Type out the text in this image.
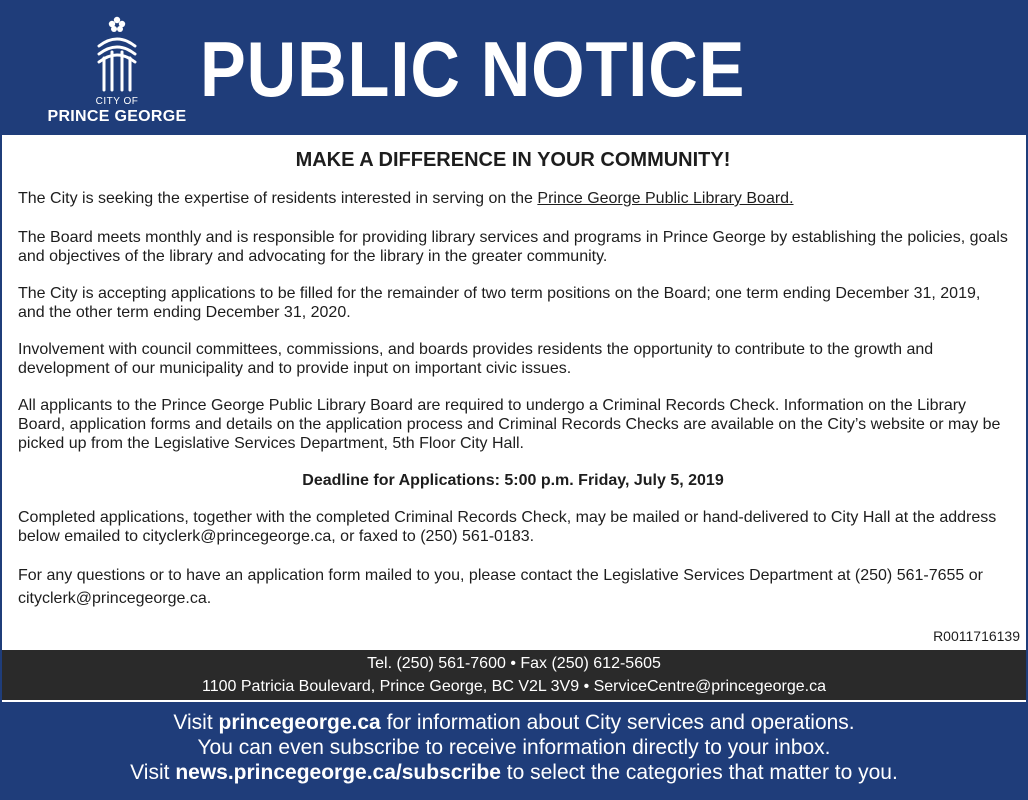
CITY OF
PRINCE GEORGE
PUBLIC NOTICE
MAKE A DIFFERENCE IN YOUR COMMUNITY!

The City is seeking the expertise of residents interested in serving on the Prince George Public Library Board.

The Board meets monthly and is responsible for providing library services and programs in Prince George by establishing the policies, goals and objectives of the library and advocating for the library in the greater community.

The City is accepting applications to be filled for the remainder of two term positions on the Board; one term ending December 31, 2019, and the other term ending December 31, 2020.

Involvement with council committees, commissions, and boards provides residents the opportunity to contribute to the growth and development of our municipality and to provide input on important civic issues.

All applicants to the Prince George Public Library Board are required to undergo a Criminal Records Check. Information on the Library Board, application forms and details on the application process and Criminal Records Checks are available on the City’s website or may be picked up from the Legislative Services Department, 5th Floor City Hall.

Deadline for Applications: 5:00 p.m. Friday, July 5, 2019

Completed applications, together with the completed Criminal Records Check, may be mailed or hand-delivered to City Hall at the address below emailed to cityclerk@princegeorge.ca, or faxed to (250) 561-0183.

For any questions or to have an application form mailed to you, please contact the Legislative Services Department at (250) 561-7655 or cityclerk@princegeorge.ca.

R0011716139
Tel. (250) 561-7600 • Fax (250) 612-5605
1100 Patricia Boulevard, Prince George, BC V2L 3V9 • ServiceCentre@princegeorge.ca
Visit princegeorge.ca for information about City services and operations.
You can even subscribe to receive information directly to your inbox.
Visit news.princegeorge.ca/subscribe to select the categories that matter to you.
